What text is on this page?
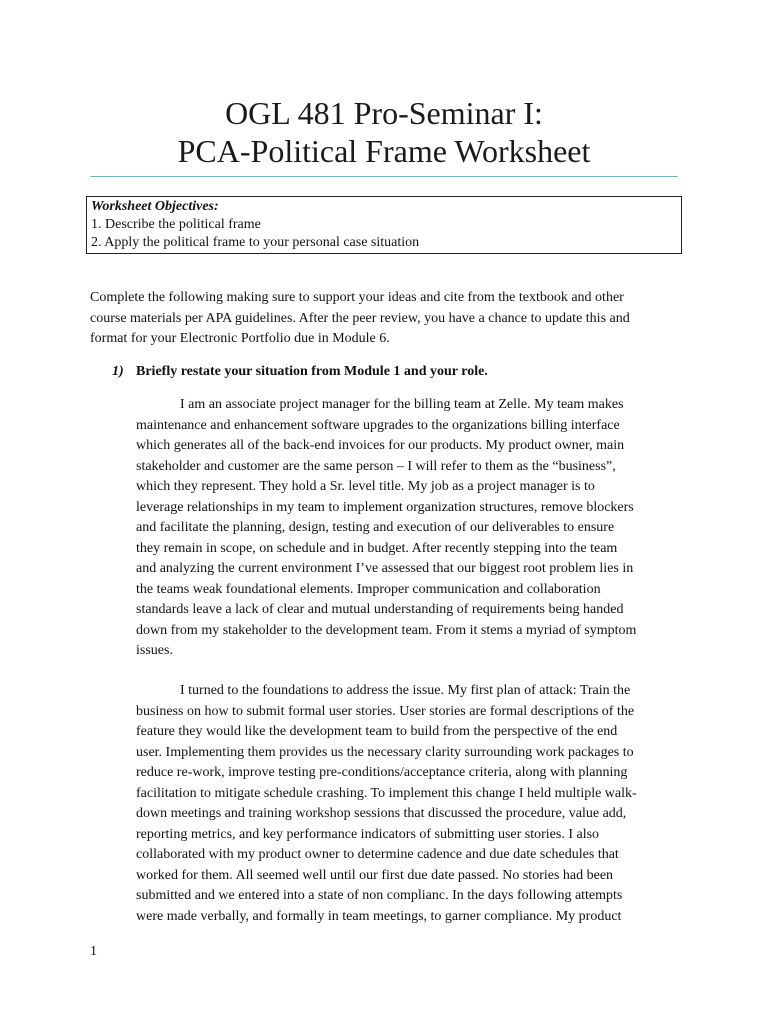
OGL 481 Pro-Seminar I:
PCA-Political Frame Worksheet
Worksheet Objectives:
1. Describe the political frame
2. Apply the political frame to your personal case situation
Complete the following making sure to support your ideas and cite from the textbook and other
course materials per APA guidelines. After the peer review, you have a chance to update this and
format for your Electronic Portfolio due in Module 6.
1) Briefly restate your situation from Module 1 and your role.
I am an associate project manager for the billing team at Zelle. My team makes
maintenance and enhancement software upgrades to the organizations billing interface
which generates all of the back-end invoices for our products. My product owner, main
stakeholder and customer are the same person – I will refer to them as the “business”,
which they represent. They hold a Sr. level title. My job as a project manager is to
leverage relationships in my team to implement organization structures, remove blockers
and facilitate the planning, design, testing and execution of our deliverables to ensure
they remain in scope, on schedule and in budget. After recently stepping into the team
and analyzing the current environment I’ve assessed that our biggest root problem lies in
the teams weak foundational elements. Improper communication and collaboration
standards leave a lack of clear and mutual understanding of requirements being handed
down from my stakeholder to the development team. From it stems a myriad of symptom
issues.
I turned to the foundations to address the issue. My first plan of attack: Train the
business on how to submit formal user stories. User stories are formal descriptions of the
feature they would like the development team to build from the perspective of the end
user. Implementing them provides us the necessary clarity surrounding work packages to
reduce re-work, improve testing pre-conditions/acceptance criteria, along with planning
facilitation to mitigate schedule crashing. To implement this change I held multiple walk-
down meetings and training workshop sessions that discussed the procedure, value add,
reporting metrics, and key performance indicators of submitting user stories. I also
collaborated with my product owner to determine cadence and due date schedules that
worked for them. All seemed well until our first due date passed. No stories had been
submitted and we entered into a state of non complianc. In the days following attempts
were made verbally, and formally in team meetings, to garner compliance. My product
1
